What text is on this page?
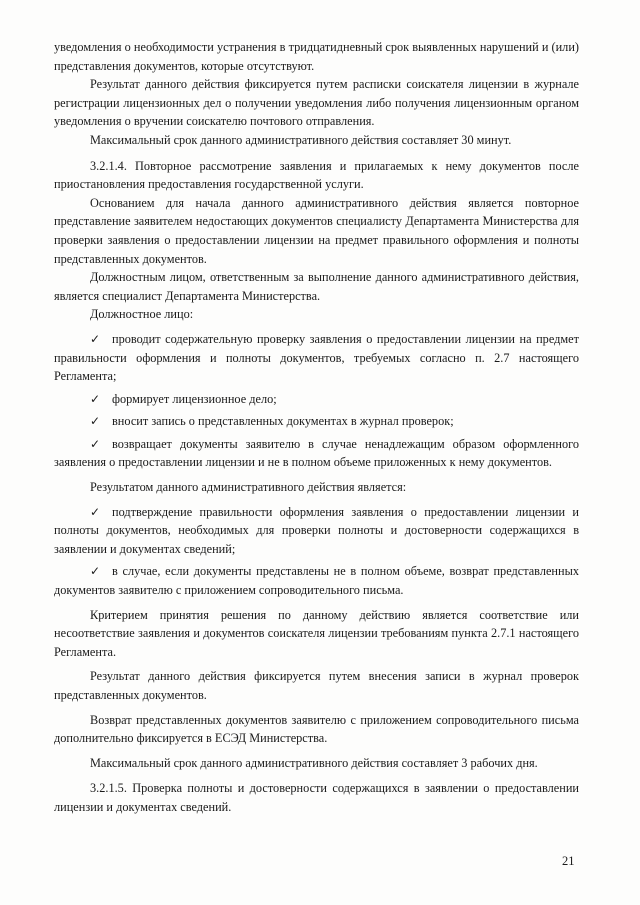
уведомления о необходимости устранения в тридцатидневный срок выявленных нарушений и (или) представления документов, которые отсутствуют.

Результат данного действия фиксируется путем расписки соискателя лицензии в журнале регистрации лицензионных дел о получении уведомления либо получения лицензионным органом уведомления о вручении соискателю почтового отправления.

Максимальный срок данного административного действия составляет 30 минут.

3.2.1.4. Повторное рассмотрение заявления и прилагаемых к нему документов после приостановления предоставления государственной услуги.

Основанием для начала данного административного действия является повторное представление заявителем недостающих документов специалисту Департамента Министерства для проверки заявления о предоставлении лицензии на предмет правильного оформления и полноты представленных документов.

Должностным лицом, ответственным за выполнение данного административного действия, является специалист Департамента Министерства.

Должностное лицо:

✓ проводит содержательную проверку заявления о предоставлении лицензии на предмет правильности оформления и полноты документов, требуемых согласно п. 2.7 настоящего Регламента;

✓ формирует лицензионное дело;

✓ вносит запись о представленных документах в журнал проверок;

✓ возвращает документы заявителю в случае ненадлежащим образом оформленного заявления о предоставлении лицензии и не в полном объеме приложенных к нему документов.

Результатом данного административного действия является:

✓ подтверждение правильности оформления заявления о предоставлении лицензии и полноты документов, необходимых для проверки полноты и достоверности содержащихся в заявлении и документах сведений;

✓ в случае, если документы представлены не в полном объеме, возврат представленных документов заявителю с приложением сопроводительного письма.

Критерием принятия решения по данному действию является соответствие или несоответствие заявления и документов соискателя лицензии требованиям пункта 2.7.1 настоящего Регламента.

Результат данного действия фиксируется путем внесения записи в журнал проверок представленных документов.

Возврат представленных документов заявителю с приложением сопроводительного письма дополнительно фиксируется в ЕСЭД Министерства.

Максимальный срок данного административного действия составляет 3 рабочих дня.

3.2.1.5. Проверка полноты и достоверности содержащихся в заявлении о предоставлении лицензии и документах сведений.

21
